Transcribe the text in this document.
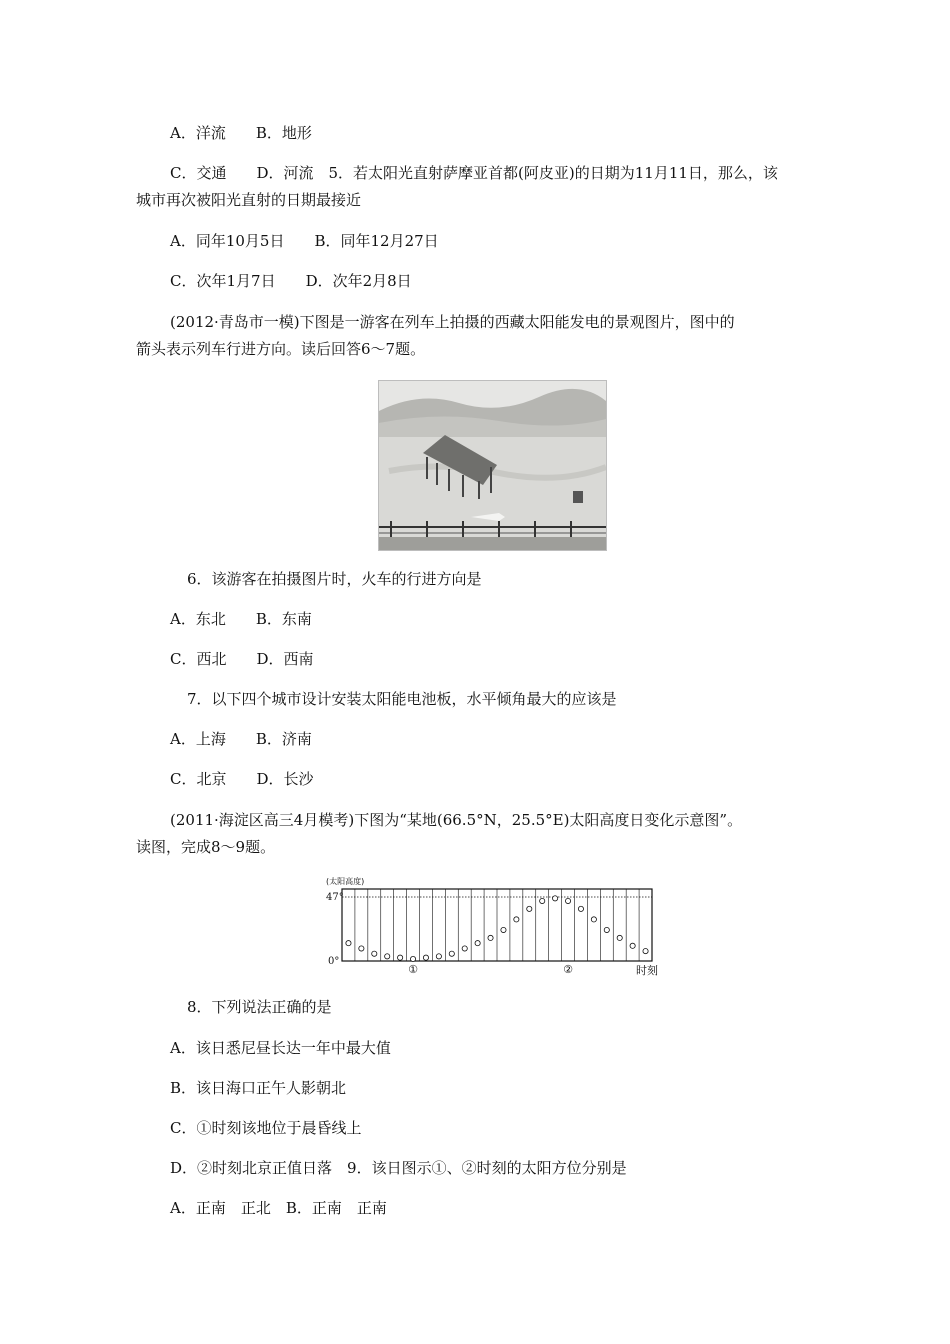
A．洋流　　B．地形
C．交通　　D．河流　5．若太阳光直射萨摩亚首都(阿皮亚)的日期为11月11日，那么，该
城市再次被阳光直射的日期最接近
A．同年10月5日　　B．同年12月27日
C．次年1月7日　　D．次年2月8日
(2012·青岛市一模)下图是一游客在列车上拍摄的西藏太阳能发电的景观图片，图中的
箭头表示列车行进方向。读后回答6～7题。
6．该游客在拍摄图片时，火车的行进方向是
A．东北　　B．东南
C．西北　　D．西南
7．以下四个城市设计安装太阳能电池板，水平倾角最大的应该是
A．上海　　B．济南
C．北京　　D．长沙
(2011·海淀区高三4月模考)下图为“某地(66.5°N，25.5°E)太阳高度日变化示意图”。
读图，完成8～9题。
(太阳高度)
47°
0°
①	②	时刻
8．下列说法正确的是
A．该日悉尼昼长达一年中最大值
B．该日海口正午人影朝北
C．①时刻该地位于晨昏线上
D．②时刻北京正值日落　9．该日图示①、②时刻的太阳方位分别是
A．正南　正北　B．正南　正南
